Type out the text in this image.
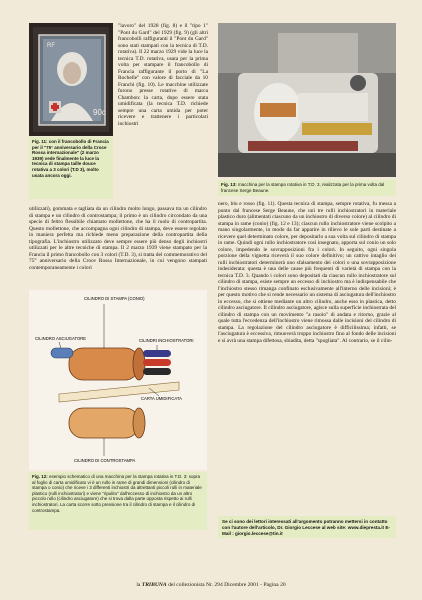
90c
RF
Fig. 11: con il francobollo di Francia per il "75° anniversario della Croce Rossa internazionale" (2 marzo 1939) vede finalmente la luce la tecnica di stampa taille douce rotativa a 3 colori (T.D 3), molto usata ancora oggi.

"lavoro" del 1928 (fig. 8) e il "tipo 1" "Pont du Gard" del 1929 (fig. 9) (gli altri francobolli raffiguranti il "Pont du Gard" sono stati stampati con la tecnica di T.D. rotativa). Il 22 marzo 1929 vide la luce la tecnica T.D. rotativa, usata per la prima volta per stampare il francobollo di Francia raffigurante il porto di "La Rochelle" con valore di facciale da 10 Franchi (fig. 10). Le macchine utilizzate furono presse rotative di marca Chambon: la carta, dopo essere stata umidificata (la tecnica T.D. richiede sempre una carta umida per poter ricevere e trattenere i particolari inchiostri

Fig. 13: macchina per la stampa rotativa in T.D. 3, realizzata per la prima volta dal francese Serge Beaune.

utilizzati), gommata e tagliata da un cilindro molto lungo, passava tra un cilindro di stampa e un cilindro di controstampa; il primo è un cilindro circondato da una specie di feltro flessibile chiamato mollettone, che ha il ruolo di contropartita. Questo mollettone, che accompagna ogni cilindro di stampa, deve essere regolato in maniera perfetta ma richiede meno preparazione della contropartita della tipografia. L'inchiostro utilizzato deve sempre essere più denso degli inchiostri utilizzati per le altre tecniche di stampa. Il 2 marzo 1939 viene stampato per la Francia il primo francobollo con 3 colori (T.D. 3), si tratta del commemorativo del 75° anniversario della Croce Rossa Internazionale, in cui vengono stampati contemporaneamente i colori

nero, blu e rosso (fig. 11). Questa tecnica di stampa, sempre rotativa, fu messa a punto dal francese Serge Beaune, che unì tre rulli inchiostratori in materiale plastico duro (alimentati ciascuno da un inchiostro di diverso colore) al cilindro di stampa in rame (conio) (fig. 12 e 13); ciascun rullo inchiostratore viene scolpito a mano singolarmente, in modo da far apparire in rilievo le sole parti destinate a ricevere quel determinato colore, per depositarlo a sua volta sul cilindro di stampa in rame. Quindi ogni rullo inchiostratore così insegnato, apporta sul conio un solo colore, impedendo le sovrapposizioni fra i colori. In seguito, ogni singola porzione della vignetta riceverà il suo colore definitivo; un cattivo intaglio dei rulli inchiostratori determinerà uno sfalsamento dei colori o una sovrapposizione indesiderata: questa è una delle cause più frequenti di varietà di stampa con la tecnica T.D. 3. Quando i colori sono depositati da ciascun rullo inchiostratore sul cilindro di stampa, esiste sempre un eccesso di inchiostro ma è indispensabile che l'inchiostro stesso rimanga confinato esclusivamente all'interno delle incisioni; è per questo motivo che si rende necessario un sistema di asciugatura dell'inchiostro in eccesso, che si ottiene mediante un altro cilindro, anche esso in plastica, detto cilindro asciugatore. Il cilindro asciugatore, agisce sulla superficie inchiostrata del cilindro di stampa con un movimento "a rasoio" di andata e ritorno, grazie al quale tutta l'eccedenza dell'inchiostro viene rimossa dalle incisioni del cilindro di stampa. La regolazione del cilindro asciugatore è difficilissima; infatti, se l'asciugatura è eccessiva, rimuoverà troppo inchiostro fino al fondo delle incisioni e si avrà una stampa difettosa, sbiadita, detta "spogliata". Al contrario, se il cilin-

CILINDRO DI STAMPA (CONIO)
CILINDRO ASCIUGATORE	CILINDRI INCHIOSTRATORI
CARTA UMIDIFICATA
CILINDRO DI CONTROSTAMPA
Fig. 12: esempio schematico di una macchina per la stampa rotativa in T.D. 3: sopra al foglio di carta umidificato vi è un rullo in rame di grandi dimensioni (cilindro di stampa o conio) che riceve i 3 differenti inchiostri da altrettanti piccoli rulli in materiale plastico (rulli inchiostratori) e viene "ripulito" dall'eccesso di inchiostro da un altro piccolo rullo (cilindro asciugatore) che si trova dalla parte opposta rispetto ai rulli inchiostratori. La carta scorre sotto pressione tra il cilindro di stampa e il cilindro di controstampa.
Se ci sono dei lettori interessati all'argomento potranno mettersi in contatto con l'autore dell'articolo, Dr. Giorgio Leccese al web site: www.diepresta.it E-Mail : giorgio.leccese@tin.it
la TRIBUNA del collezionista Nr. 294 Dicembre 2001 - Pagina 20
